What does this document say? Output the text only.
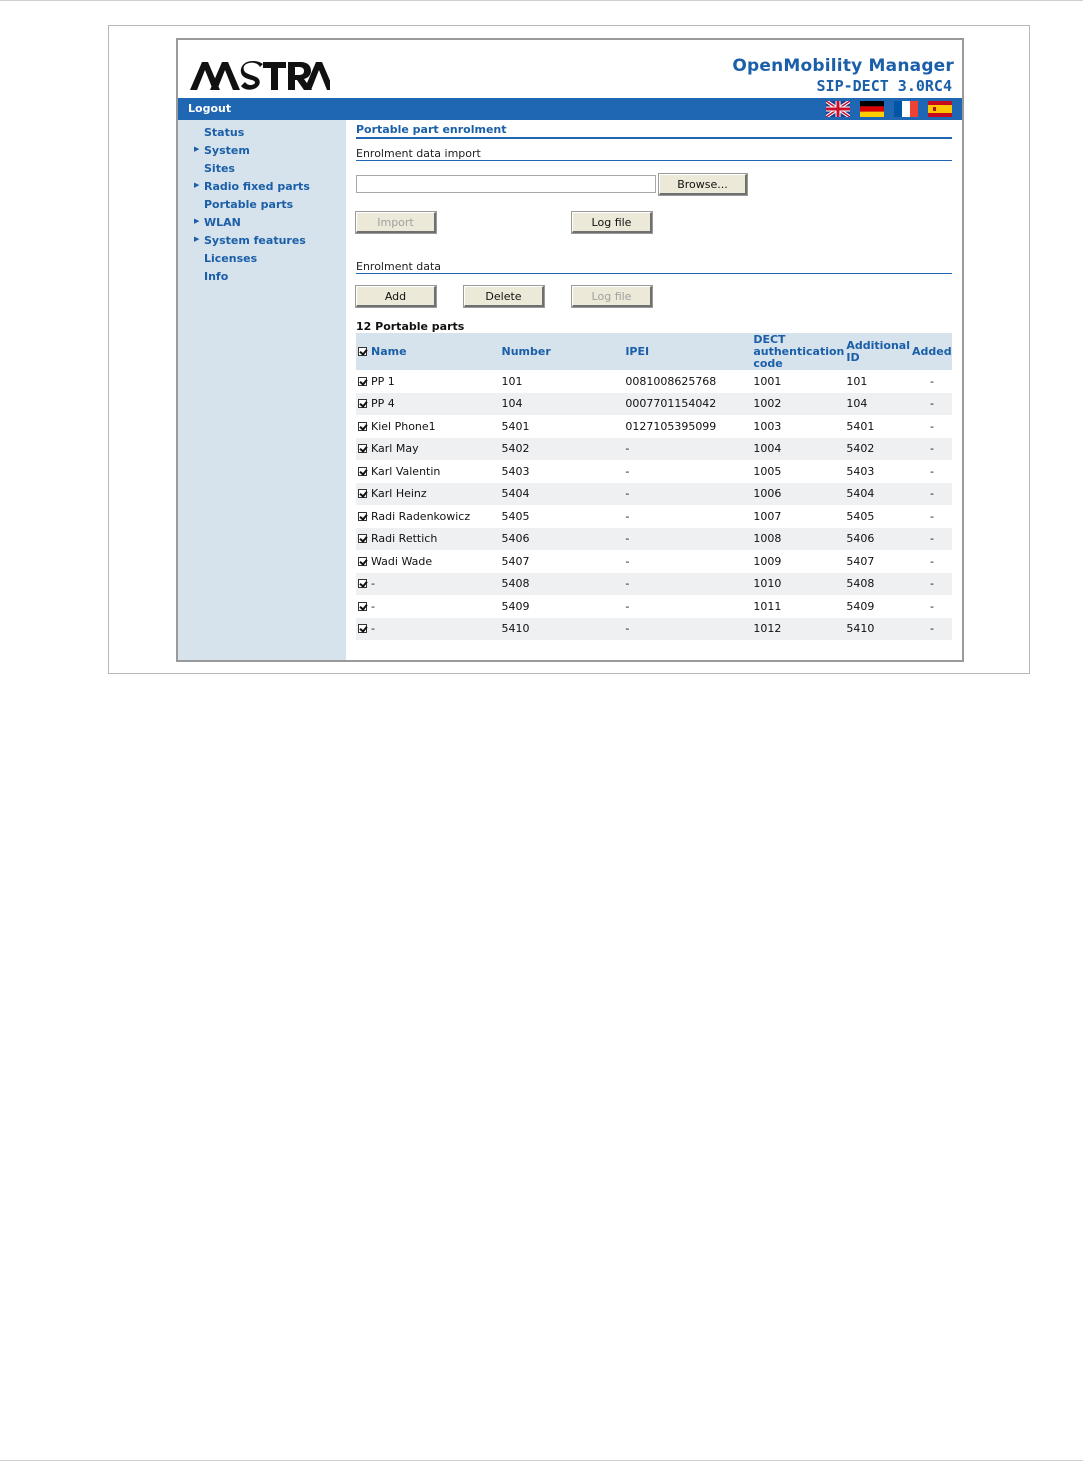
OpenMobility Manager
SIP-DECT 3.0RC4
Logout
Status
▶ System
Sites
▶ Radio fixed parts
Portable parts
▶ WLAN
▶ System features
Licenses
Info
Portable part enrolment
Enrolment data import
Browse...
Import	Log file
Enrolment data
Add	Delete	Log file
12 Portable parts
Name	Number	IPEI	DECT authentication code	Additional ID	Added
PP 1	101	0081008625768	1001	101	-
PP 4	104	0007701154042	1002	104	-
Kiel Phone1	5401	0127105395099	1003	5401	-
Karl May	5402	-	1004	5402	-
Karl Valentin	5403	-	1005	5403	-
Karl Heinz	5404	-	1006	5404	-
Radi Radenkowicz	5405	-	1007	5405	-
Radi Rettich	5406	-	1008	5406	-
Wadi Wade	5407	-	1009	5407	-
-	5408	-	1010	5408	-
-	5409	-	1011	5409	-
-	5410	-	1012	5410	-
